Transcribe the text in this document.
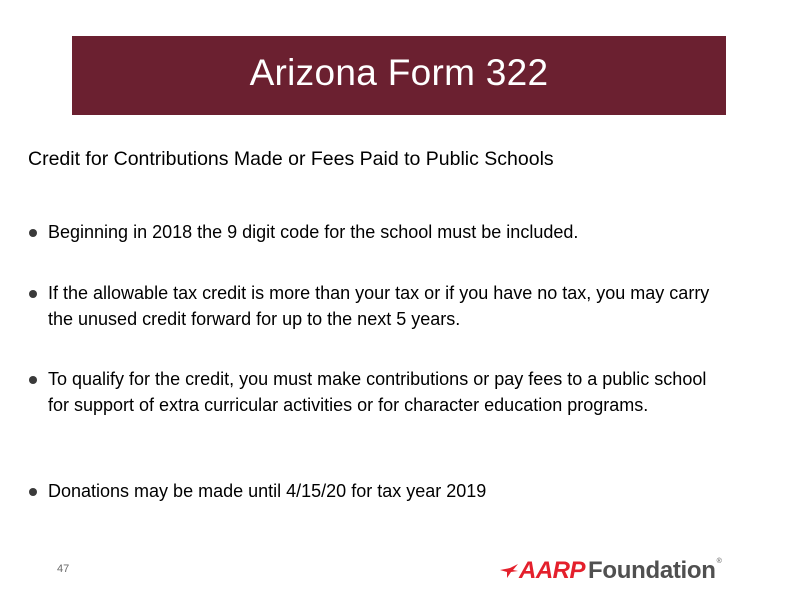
Arizona Form 322
Credit for Contributions Made or Fees Paid to Public Schools
Beginning in 2018 the 9 digit code for the school must be included.
If the allowable tax credit is more than your tax or if you have no tax, you may carry the unused credit forward for up to the next 5 years.
To qualify for the credit, you must make contributions or pay fees to a public school for support of extra curricular activities or for character education programs.
Donations may be made until 4/15/20 for tax year 2019
47	AARP Foundation ®
